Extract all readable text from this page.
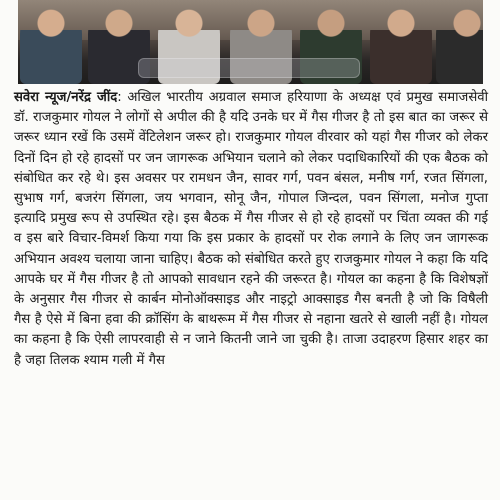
सवेरा न्यूज/नरेंद्र जींद: अखिल भारतीय अग्रवाल समाज हरियाणा के अध्यक्ष एवं प्रमुख समाजसेवी डॉ. राजकुमार गोयल ने लोगों से अपील की है यदि उनके घर में गैस गीजर है तो इस बात का जरूर से जरूर ध्यान रखें कि उसमें वेंटिलेशन जरूर हो। राजकुमार गोयल वीरवार को यहां गैस गीजर को लेकर दिनों दिन हो रहे हादसों पर जन जागरूक अभियान चलाने को लेकर पदाधिकारियों की एक बैठक को संबोधित कर रहे थे। इस अवसर पर रामधन जैन, सावर गर्ग, पवन बंसल, मनीष गर्ग, रजत सिंगला, सुभाष गर्ग, बजरंग सिंगला, जय भगवान, सोनू जैन, गोपाल जिन्दल, पवन सिंगला, मनोज गुप्ता इत्यादि प्रमुख रूप से उपस्थित रहे। इस बैठक में गैस गीजर से हो रहे हादसों पर चिंता व्यक्त की गई व इस बारे विचार-विमर्श किया गया कि इस प्रकार के हादसों पर रोक लगाने के लिए जन जागरूक अभियान अवश्य चलाया जाना चाहिए। बैठक को संबोधित करते हुए राजकुमार गोयल ने कहा कि यदि आपके घर में गैस गीजर है तो आपको सावधान रहने की जरूरत है। गोयल का कहना है कि विशेषज्ञों के अनुसार गैस गीजर से कार्बन मोनोऑक्साइड और नाइट्रो आक्साइड गैस बनती है जो कि विषैली गैस है ऐसे में बिना हवा की क्रॉसिंग के बाथरूम में गैस गीजर से नहाना खतरे से खाली नहीं है। गोयल का कहना है कि ऐसी लापरवाही से न जाने कितनी जाने जा चुकी है। ताजा उदाहरण हिसार शहर का है जहा तिलक श्याम गली में गैस
